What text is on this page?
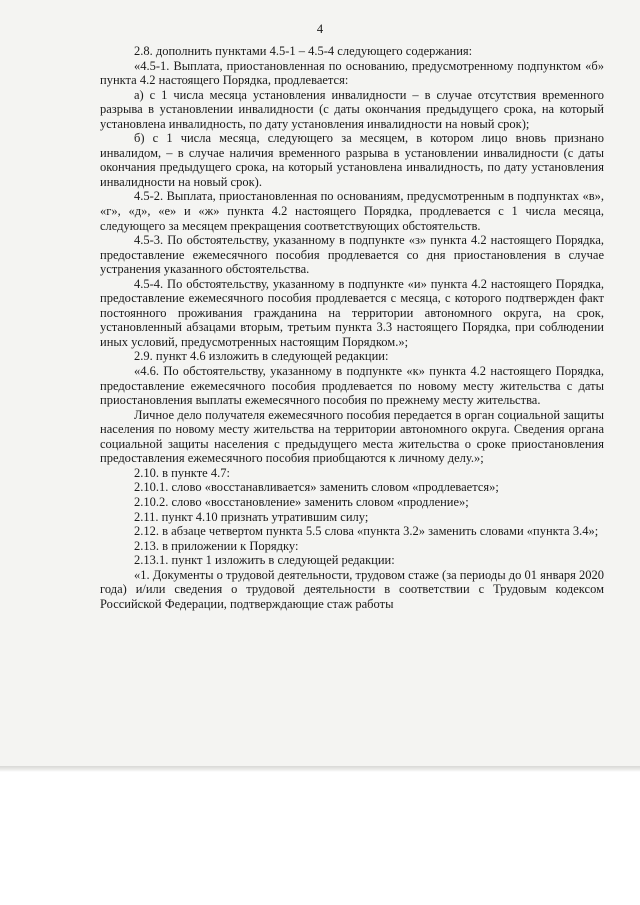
4

2.8. дополнить пунктами 4.5-1 – 4.5-4 следующего содержания:

«4.5-1. Выплата, приостановленная по основанию, предусмотренному подпунктом «б» пункта 4.2 настоящего Порядка, продлевается:

а) с 1 числа месяца установления инвалидности – в случае отсутствия временного разрыва в установлении инвалидности (с даты окончания предыдущего срока, на который установлена инвалидность, по дату установления инвалидности на новый срок);

б) с 1 числа месяца, следующего за месяцем, в котором лицо вновь признано инвалидом, – в случае наличия временного разрыва в установлении инвалидности (с даты окончания предыдущего срока, на который установлена инвалидность, по дату установления инвалидности на новый срок).

4.5-2. Выплата, приостановленная по основаниям, предусмотренным в подпунктах «в», «г», «д», «е» и «ж» пункта 4.2 настоящего Порядка, продлевается с 1 числа месяца, следующего за месяцем прекращения соответствующих обстоятельств.

4.5-3. По обстоятельству, указанному в подпункте «з» пункта 4.2 настоящего Порядка, предоставление ежемесячного пособия продлевается со дня приостановления в случае устранения указанного обстоятельства.

4.5-4. По обстоятельству, указанному в подпункте «и» пункта 4.2 настоящего Порядка, предоставление ежемесячного пособия продлевается с месяца, с которого подтвержден факт постоянного проживания гражданина на территории автономного округа, на срок, установленный абзацами вторым, третьим пункта 3.3 настоящего Порядка, при соблюдении иных условий, предусмотренных настоящим Порядком.»;

2.9. пункт 4.6 изложить в следующей редакции:

«4.6. По обстоятельству, указанному в подпункте «к» пункта 4.2 настоящего Порядка, предоставление ежемесячного пособия продлевается по новому месту жительства с даты приостановления выплаты ежемесячного пособия по прежнему месту жительства.

Личное дело получателя ежемесячного пособия передается в орган социальной защиты населения по новому месту жительства на территории автономного округа. Сведения органа социальной защиты населения с предыдущего места жительства о сроке приостановления предоставления ежемесячного пособия приобщаются к личному делу.»;

2.10. в пункте 4.7:

2.10.1. слово «восстанавливается» заменить словом «продлевается»;

2.10.2. слово «восстановление» заменить словом «продление»;

2.11. пункт 4.10 признать утратившим силу;

2.12. в абзаце четвертом пункта 5.5 слова «пункта 3.2» заменить словами «пункта 3.4»;

2.13. в приложении к Порядку:

2.13.1. пункт 1 изложить в следующей редакции:

«1. Документы о трудовой деятельности, трудовом стаже (за периоды до 01 января 2020 года) и/или сведения о трудовой деятельности в соответствии с Трудовым кодексом Российской Федерации, подтверждающие стаж работы
